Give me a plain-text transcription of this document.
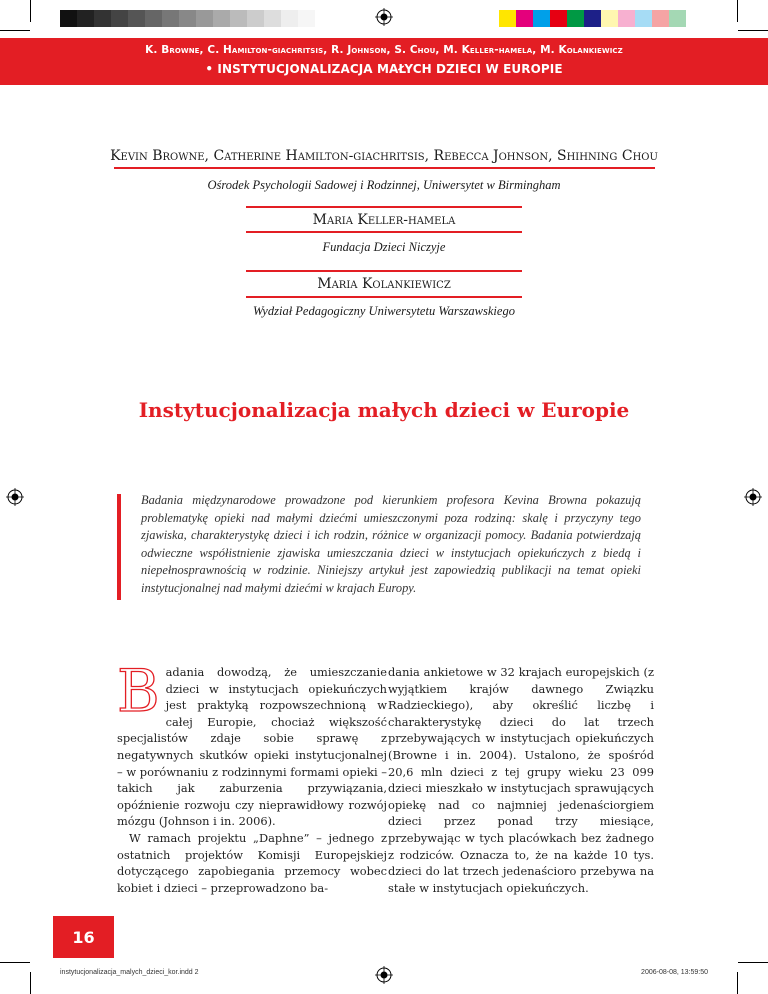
K. Browne, C. Hamilton-giachritsis, R. Johnson, S. Chou, M. Keller-hamela, M. Kolankiewicz
• INSTYTUCJONALIZACJA MAŁYCH DZIECI W EUROPIE
Kevin Browne, Catherine Hamilton-giachritsis, Rebecca Johnson, Shihning Chou
Ośrodek Psychologii Sadowej i Rodzinnej, Uniwersytet w Birmingham
Maria Keller-hamela
Fundacja Dzieci Niczyje
Maria Kolankiewicz
Wydział Pedagogiczny Uniwersytetu Warszawskiego
Instytucjonalizacja małych dzieci w Europie
Badania międzynarodowe prowadzone pod kierunkiem profesora Kevina Browna pokazują problematykę opieki nad małymi dziećmi umieszczonymi poza rodziną: skalę i przyczyny tego zjawiska, charakterystykę dzieci i ich rodzin, różnice w organizacji pomocy. Badania potwierdzają odwieczne współistnienie zjawiska umieszczania dzieci w instytucjach opiekuńczych z biedą i niepełnosprawnością w rodzinie. Niniejszy artykuł jest zapowiedzią publikacji na temat opieki instytucjonalnej nad małymi dziećmi w krajach Europy.

B adania dowodzą, że umieszczanie dzieci w instytucjach opiekuńczych jest praktyką rozpowszechnioną w całej Europie, chociaż większość specjalistów zdaje sobie sprawę z negatywnych skutków opieki instytucjonalnej – w porównaniu z rodzinnymi formami opieki – takich jak zaburzenia przywiązania, opóźnienie rozwoju czy nieprawidłowy rozwój mózgu (Johnson i in. 2006).

W ramach projektu „Daphne” – jednego z ostatnich projektów Komisji Europejskiej dotyczącego zapobiegania przemocy wobec kobiet i dzieci – przeprowadzono ba-

dania ankietowe w 32 krajach europejskich (z wyjątkiem krajów dawnego Związku Radzieckiego), aby określić liczbę i charakterystykę dzieci do lat trzech przebywających w instytucjach opiekuńczych (Browne i in. 2004). Ustalono, że spośród 20,6 mln dzieci z tej grupy wieku 23 099 dzieci mieszkało w instytucjach sprawujących opiekę nad co najmniej jedenaściorgiem dzieci przez ponad trzy miesiące, przebywając w tych placówkach bez żadnego z rodziców. Oznacza to, że na każde 10 tys. dzieci do lat trzech jedenaścioro przebywa na stałe w instytucjach opiekuńczych.

16
instytucjonalizacja_malych_dzieci_kor.indd 2	2006-08-08, 13:59:50
